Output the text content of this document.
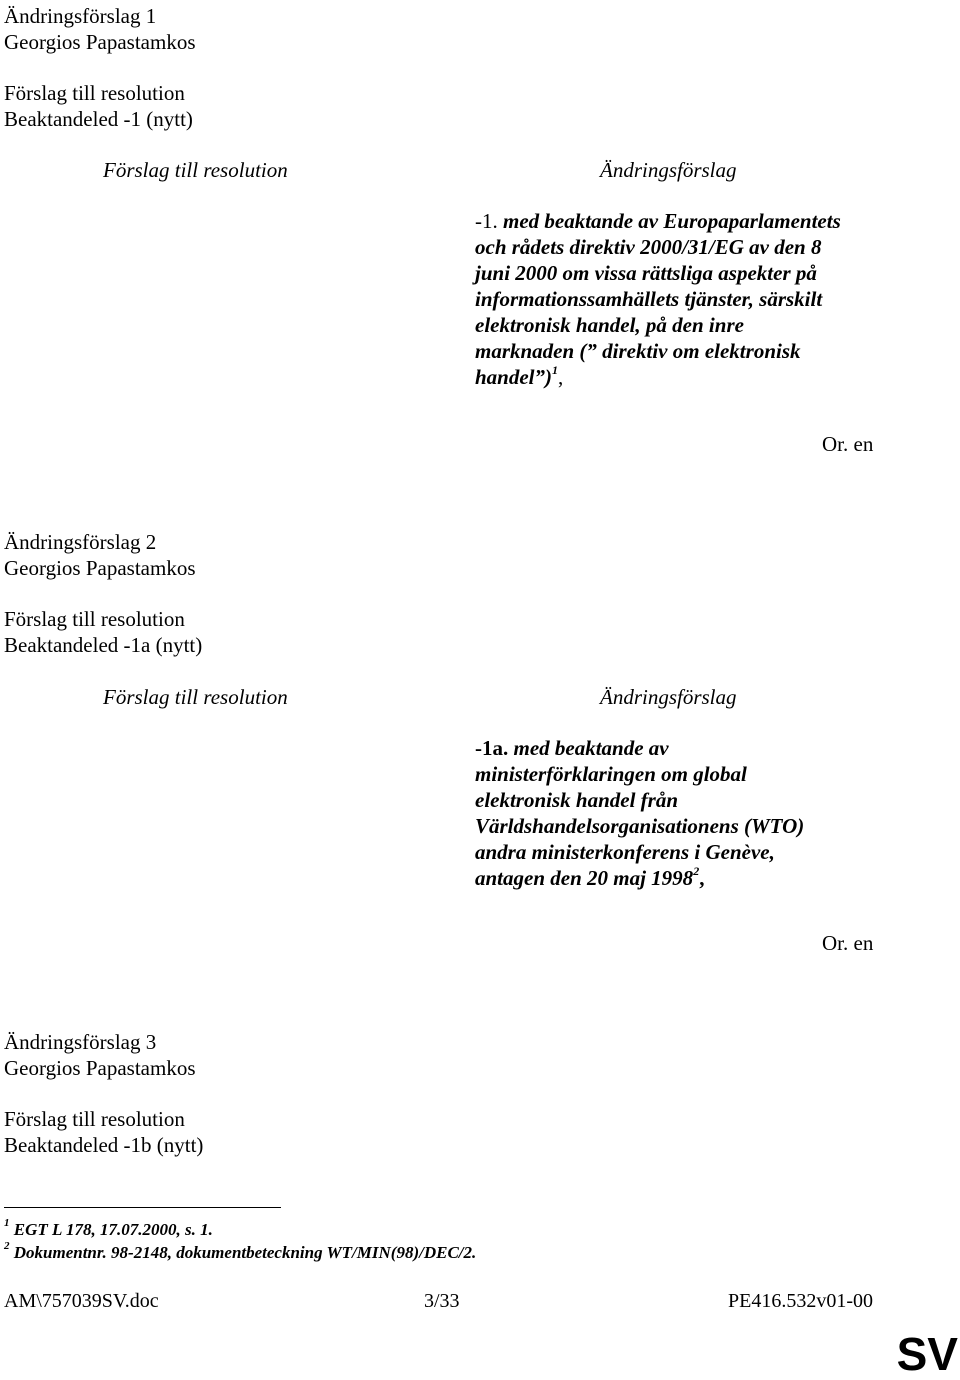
Ändringsförslag 1
Georgios Papastamkos
Förslag till resolution
Beaktandeled -1 (nytt)
Förslag till resolution	Ändringsförslag
-1. med beaktande av Europaparlamentets
och rådets direktiv 2000/31/EG av den 8
juni 2000 om vissa rättsliga aspekter på
informationssamhällets tjänster, särskilt
elektronisk handel, på den inre
marknaden (” direktiv om elektronisk
handel”)$^1$,
Or. en
Ändringsförslag 2
Georgios Papastamkos
Förslag till resolution
Beaktandeled -1a (nytt)
Förslag till resolution	Ändringsförslag
-1a. med beaktande av
ministerförklaringen om global
elektronisk handel från
Världshandelsorganisationens (WTO)
andra ministerkonferens i Genève,
antagen den 20 maj 1998$^2$,
Or. en
Ändringsförslag 3
Georgios Papastamkos
Förslag till resolution
Beaktandeled -1b (nytt)
$^1$ EGT L 178, 17.07.2000, s. 1.
$^2$ Dokumentnr. 98-2148, dokumentbeteckning WT/MIN(98)/DEC/2.
AM\757039SV.doc	3/33	PE416.532v01-00
SV
